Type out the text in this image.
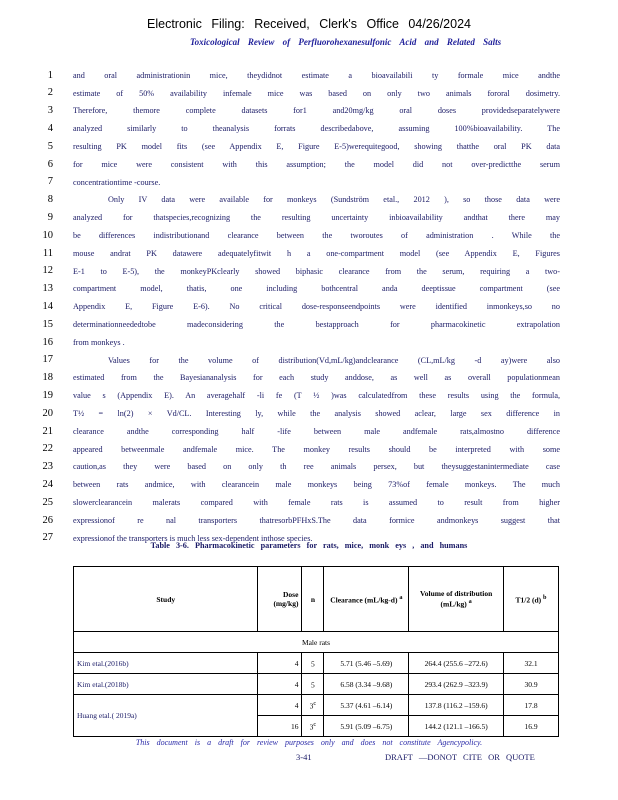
Electronic Filing: Received, Clerk's Office 04/26/2024
Toxicological Review of Perfluorohexanesulfonic Acid and Related Salts
1 and oral administrationin mice, theydidnot estimate a bioavailabili ty formale mice andthe
2 estimate of 50% availability infemale mice was based on only two animals fororal dosimetry.
3 Therefore, themore complete datasets for1 and20mg/kg oral doses providedseparatelywere
4 analyzed similarly to theanalysis forrats describedabove, assuming 100%bioavailability. The
5 resulting PK model fits (see Appendix E, Figure E-5)werequitegood, showing thatthe oral PK data
6 for mice were consistent with this assumption; the model did not over-predictthe serum
7 concentrationtime -course.
8	Only IV data were available for monkeys (Sundström etal., 2012 ), so those data were
9 analyzed for thatspecies,recognizing the resulting uncertainty inbioavailability andthat there may
10 be differences indistributionand clearance between the tworoutes of administration . While the
11 mouse andrat PK datawere adequatelyfitwit h a one-compartment model (see Appendix E, Figures
12 E-1 to E-5), the monkeyPKclearly showed biphasic clearance from the serum, requiring a two-
13 compartment model, thatis, one including bothcentral anda deeptissue compartment (see
14 Appendix E, Figure E-6). No critical dose-responseendpoints were identified inmonkeys,so no
15 determinationneededtobe madeconsidering the bestapproach for pharmacokinetic extrapolation
16 from monkeys .
17	Values for the volume of distribution(Vd,mL/kg)andclearance (CL,mL/kg -d ay)were also
18 estimated from the Bayesiananalysis for each study anddose, as well as overall populationmean
19 value s (Appendix E). An averagehalf -li fe (T ½ )was calculatedfrom these results using the formula,
20 T½ = ln(2) × Vd/CL. Interesting ly, while the analysis showed aclear, large sex difference in
21 clearance andthe corresponding half -life between male andfemale rats,almostno difference
22 appeared betweenmale andfemale mice. The monkey results should be interpreted with some
23 caution,as they were based on only th ree animals persex, but theysuggestanintermediate case
24 between rats andmice, with clearancein male monkeys being 73%of female monkeys. The much
25 slowerclearancein malerats compared with female rats is assumed to result from higher
26 expressionof re nal transporters thatresorbPFHxS.The data formice andmonkeys suggest that
27 expressionof the transporters is much less sex-dependent inthose species.
Table 3-6. Pharmacokinetic parameters for rats, mice, monk eys , and humans
Study	Dose (mg/kg)	n	Clearance (mL/kg-d) $^a$	Volume of distribution (mL/kg) $^a$	T1/2 (d) $^b$
Male rats					
Kim etal.(2016b)	4	5	5.71 (5.46 –5.69)	264.4 (255.6 –272.6)	32.1
Kim etal.(2018b)	4	5	6.58 (3.34 –9.68)	293.4 (262.9 –323.9)	30.9
Huang etal.( 2019a)	4	3$^c$	5.37 (4.61 –6.14)	137.8 (116.2 –159.6)	17.8
	16	3$^c$	5.91 (5.09 –6.75)	144.2 (121.1 –166.5)	16.9
This document is a draft for review purposes only and does not constitute Agencypolicy.
3-41	DRAFT —DONOT CITE OR QUOTE
